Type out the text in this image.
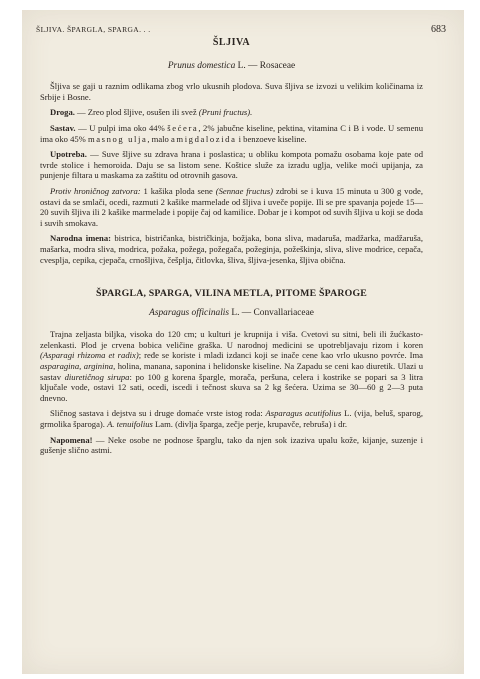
ŠLJIVA. ŠPARGLA, SPARGA. . .	683
ŠLJIVA
Prunus domestica L. — Rosaceae

Šljiva se gaji u raznim odlikama zbog vrlo ukusnih plodova. Suva šljiva se izvozi u velikim količinama iz Srbije i Bosne.

Droga. — Zreo plod šljive, osušen ili svež (Pruni fructus).

Sastav. — U pulpi ima oko 44% šećera, 2% jabučne kiseline, pektina, vitamina C i B i vode. U semenu ima oko 45% masnog ulja, malo amigdalozida i benzoeve kiseline.

Upotreba. — Suve šljive su zdrava hrana i poslastica; u obliku kompota pomažu osobama koje pate od tvrde stolice i hemoroida. Daju se sa listom sene. Koštice služe za izradu uglja, velike moći upijanja, za punjenje filtara u maskama za zaštitu od otrovnih gasova.

Protiv hroničnog zatvora: 1 kašika ploda sene (Sennae fructus) zdrobi se i kuva 15 minuta u 300 g vode, ostavi da se smlači, ocedi, razmuti 2 kašike marmelade od šljiva i uveče popije. Ili se pre spavanja pojede 15—20 suvih šljiva ili 2 kašike marmelade i popije čaj od kamilice. Dobar je i kompot od suvih šljiva u koji se doda i suvih smokava.

Narodna imena: bistrica, bistričanka, bistričkinja, božjaka, bona sliva, madaruša, madžarka, madžaruša, mašarka, modra sliva, modrica, požaka, požega, požegača, požeginja, požeškinja, sliva, slive modrice, cepača, cvesplja, cepika, cjepača, crnošljiva, češplja, čitlovka, šliva, šljiva-jesenka, šljiva obična.

ŠPARGLA, SPARGA, VILINA METLA, PITOME ŠPAROGE
Asparagus officinalis L. — Convallariaceae

Trajna zeljasta biljka, visoka do 120 cm; u kulturi je krupnija i viša. Cvetovi su sitni, beli ili žućkasto-zelenkasti. Plod je crvena bobica veličine graška. U narodnoj medicini se upotrebljavaju rizom i koren (Asparagi rhizoma et radix); ređe se koriste i mladi izdanci koji se inače cene kao vrlo ukusno povrće. Ima asparagina, arginina, holina, manana, saponina i helidonske kiseline. Na Zapadu se ceni kao diuretik. Ulazi u sastav diuretičnog sirupa: po 100 g korena špargle, morača, peršuna, celera i kostrike se popari sa 3 litra ključale vode, ostavi 12 sati, ocedi, iscedi i tečnost skuva sa 2 kg šećera. Uzima se 30—60 g 2—3 puta dnevno.

Sličnog sastava i dejstva su i druge domaće vrste istog roda: Asparagus acutifolius L. (vija, beluš, sparog, grmolika šparoga). A. tenuifolius Lam. (divlja šparga, zečje perje, krupavče, rebruša) i dr.

Napomena! — Neke osobe ne podnose šparglu, tako da njen sok izaziva upalu kože, kijanje, suzenje i gušenje slično astmi.
